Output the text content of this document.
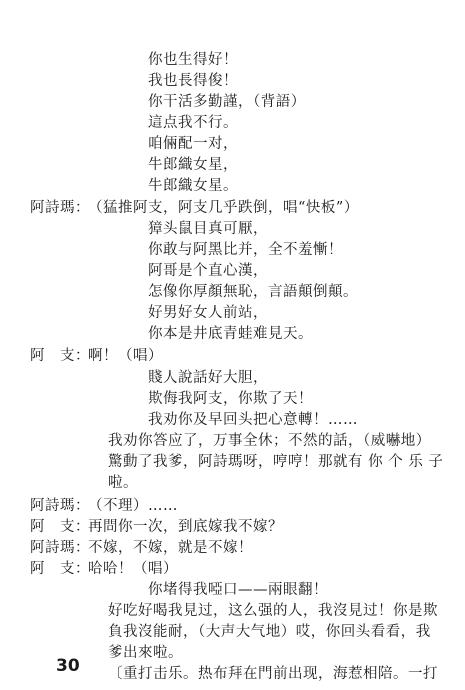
你也生得好！
我也長得俊！
你干活多勤謹，（背語）
這点我不行。
咱倆配一对，
牛郎織女星，
牛郎織女星。
阿詩瑪：
（猛推阿支，阿支几乎跌倒，唱“快板”）
獐头鼠目真可厭，
你敢与阿黑比并，全不羞慚！
阿哥是个直心漢，
怎像你厚顏無恥，言語顛倒顛。
好男好女人前站，
你本是井底青蛙难見天。
阿　支：
啊！（唱）
賤人說話好大胆，
欺侮我阿支，你欺了天！
我劝你及早回头把心意轉！……
我劝你答应了，万事全休；不然的話，（威嚇地）
驚動了我爹，阿詩瑪呀，哼哼！那就有 你 个 乐 子
啦。
阿詩瑪：
（不理）……
阿　支：
再問你一次，到底嫁我不嫁？
阿詩瑪：
不嫁，不嫁，就是不嫁！
阿　支：
哈哈！（唱）
你堵得我啞口——兩眼翻！
好吃好喝我見过，这么强的人，我沒見过！你是欺
負我沒能耐，（大声大气地）哎，你回头看看，我
爹出來啦。
〔重打击乐。热布拜在門前出现，海惹相陪。一打
30
